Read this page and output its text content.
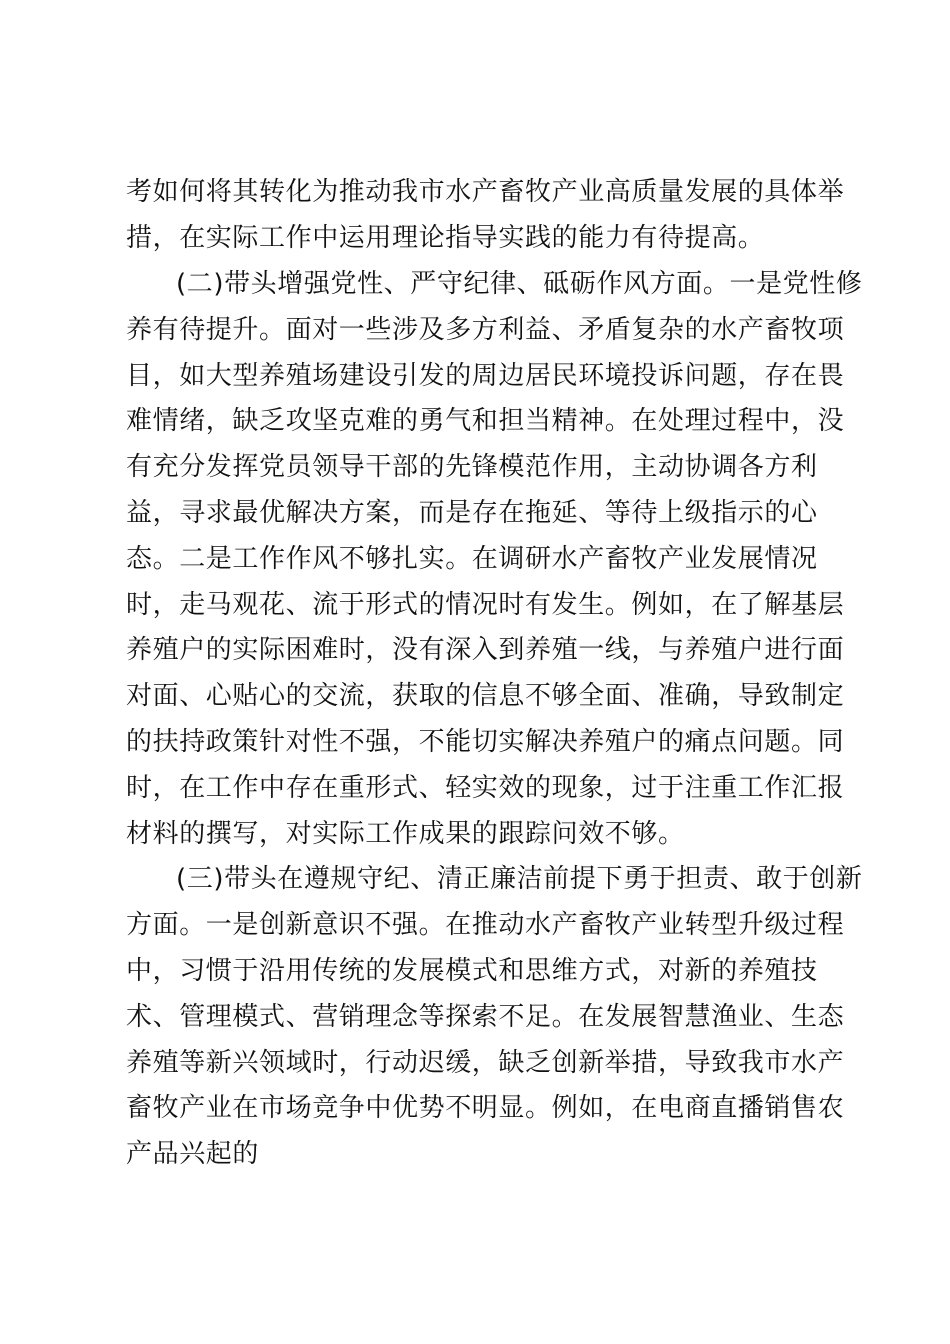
考如何将其转化为推动我市水产畜牧产业高质量发展的具体举
措，在实际工作中运用理论指导实践的能力有待提高。
(二)带头增强党性、严守纪律、砥砺作风方面。一是党性修
养有待提升。面对一些涉及多方利益、矛盾复杂的水产畜牧项
目，如大型养殖场建设引发的周边居民环境投诉问题，存在畏
难情绪，缺乏攻坚克难的勇气和担当精神。在处理过程中，没
有充分发挥党员领导干部的先锋模范作用，主动协调各方利
益，寻求最优解决方案，而是存在拖延、等待上级指示的心
态。二是工作作风不够扎实。在调研水产畜牧产业发展情况
时，走马观花、流于形式的情况时有发生。例如，在了解基层
养殖户的实际困难时，没有深入到养殖一线，与养殖户进行面
对面、心贴心的交流，获取的信息不够全面、准确，导致制定
的扶持政策针对性不强，不能切实解决养殖户的痛点问题。同
时，在工作中存在重形式、轻实效的现象，过于注重工作汇报
材料的撰写，对实际工作成果的跟踪问效不够。
(三)带头在遵规守纪、清正廉洁前提下勇于担责、敢于创新
方面。一是创新意识不强。在推动水产畜牧产业转型升级过程
中，习惯于沿用传统的发展模式和思维方式，对新的养殖技
术、管理模式、营销理念等探索不足。在发展智慧渔业、生态
养殖等新兴领域时，行动迟缓，缺乏创新举措，导致我市水产
畜牧产业在市场竞争中优势不明显。例如，在电商直播销售农
产品兴起的
